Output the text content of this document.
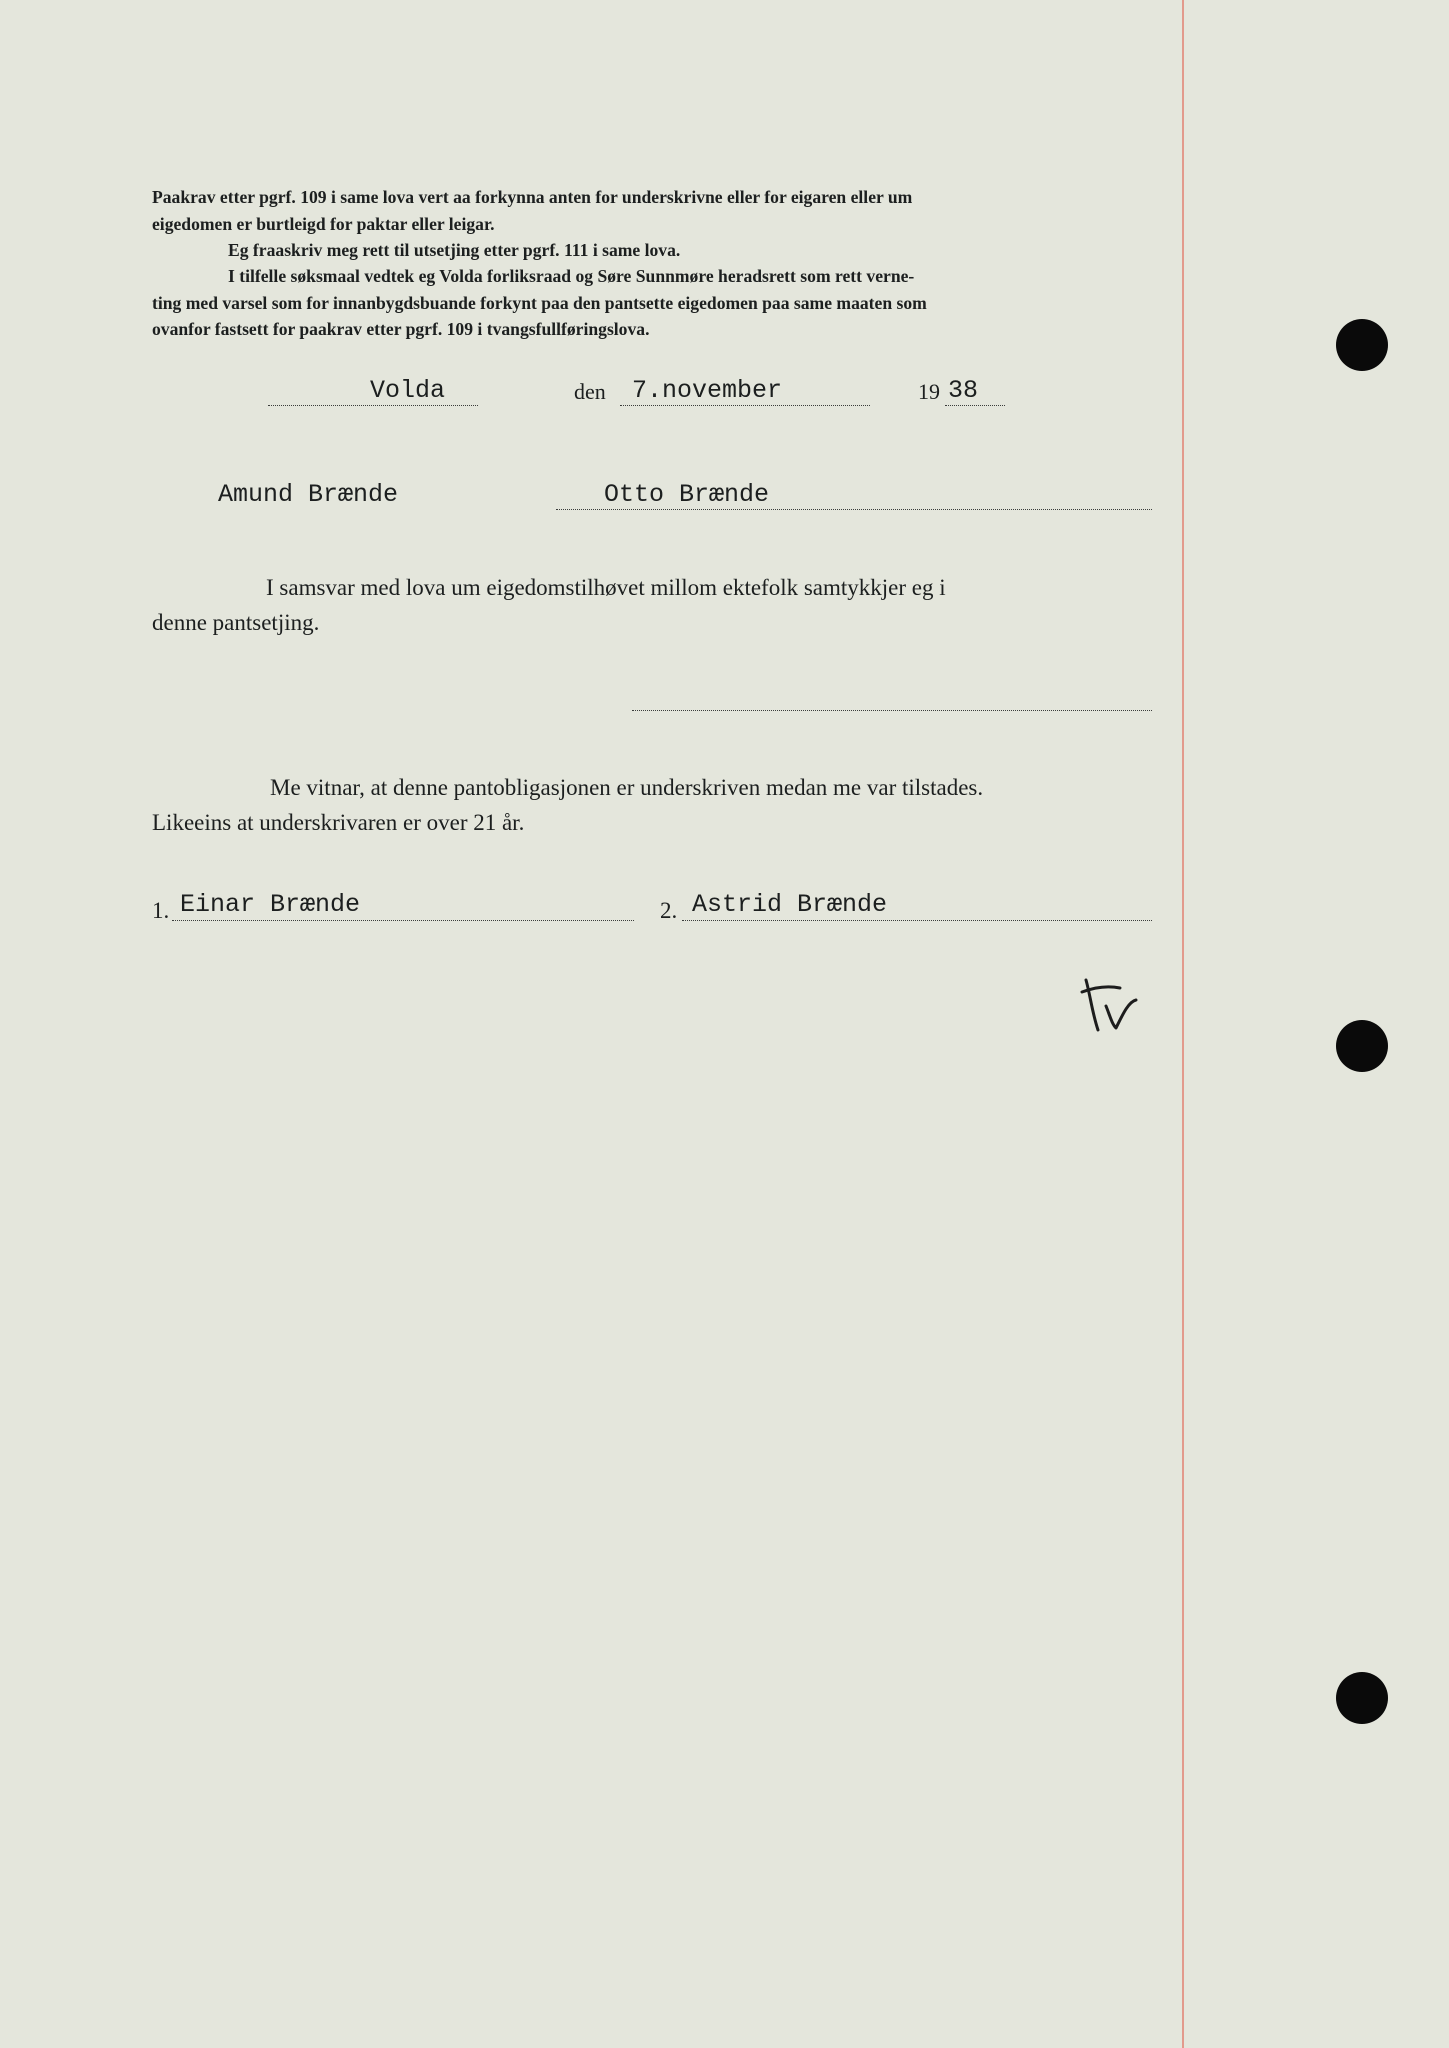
Paakrav etter pgrf. 109 i same lova vert aa forkynna anten for underskrivne eller for eigaren eller um
eigedomen er burtleigd for paktar eller leigar.

Eg fraaskriv meg rett til utsetjing etter pgrf. 111 i same lova.

I tilfelle søksmaal vedtek eg Volda forliksraad og Søre Sunnmøre heradsrett som rett verne-
ting med varsel som for innanbygdsbuande forkynt paa den pantsette eigedomen paa same maaten som
ovanfor fastsett for paakrav etter pgrf. 109 i tvangsfullføringslova.

Volda	den 7.november	19 38
Amund Brænde	Otto Brænde

I samsvar med lova um eigedomstilhøvet millom ektefolk samtykkjer eg i
denne pantsetjing.

Me vitnar, at denne pantobligasjonen er underskriven medan me var tilstades.
Likeeins at underskrivaren er over 21 år.

1. Einar Brænde	2. Astrid Brænde
